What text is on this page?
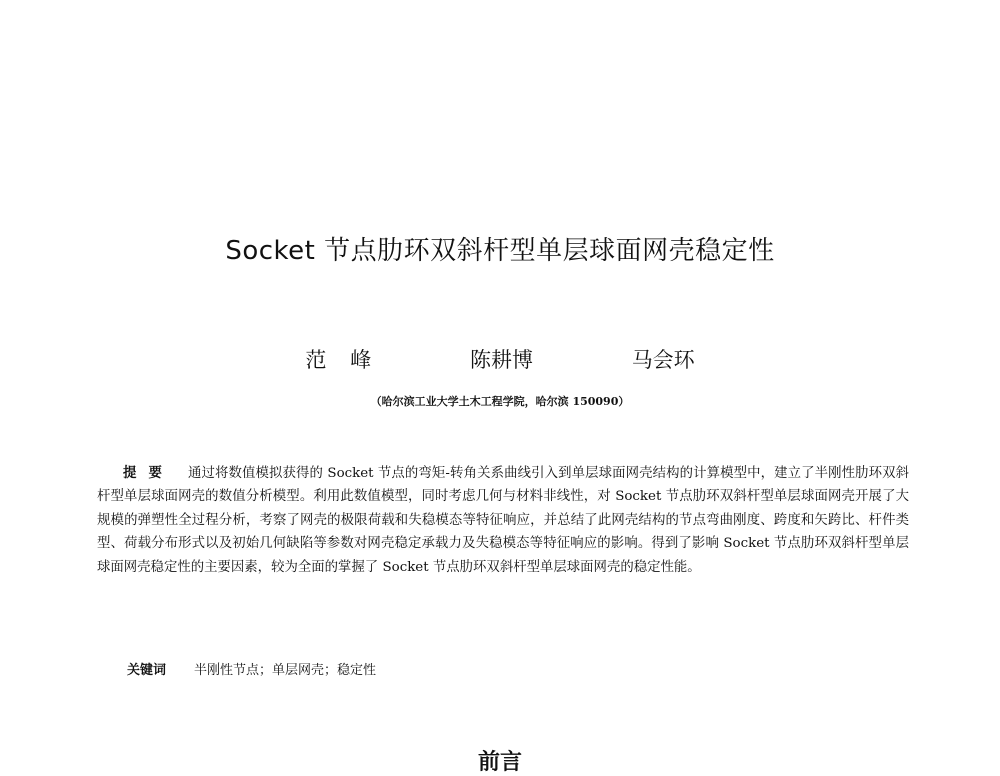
Socket 节点肋环双斜杆型单层球面网壳稳定性
范峰	陈耕博	马会环
（哈尔滨工业大学土木工程学院，哈尔滨 150090）
提要 通过将数值模拟获得的 Socket 节点的弯矩-转角关系曲线引入到单层球面网壳结构的计算模型中，建立了半刚性肋环双斜杆型单层球面网壳的数值分析模型。利用此数值模型，同时考虑几何与材料非线性，对 Socket 节点肋环双斜杆型单层球面网壳开展了大规模的弹塑性全过程分析，考察了网壳的极限荷载和失稳模态等特征响应，并总结了此网壳结构的节点弯曲刚度、跨度和矢跨比、杆件类型、荷载分布形式以及初始几何缺陷等参数对网壳稳定承载力及失稳模态等特征响应的影响。得到了影响 Socket 节点肋环双斜杆型单层球面网壳稳定性的主要因素，较为全面的掌握了 Socket 节点肋环双斜杆型单层球面网壳的稳定性能。
关键词 半刚性节点；单层网壳；稳定性
前言
